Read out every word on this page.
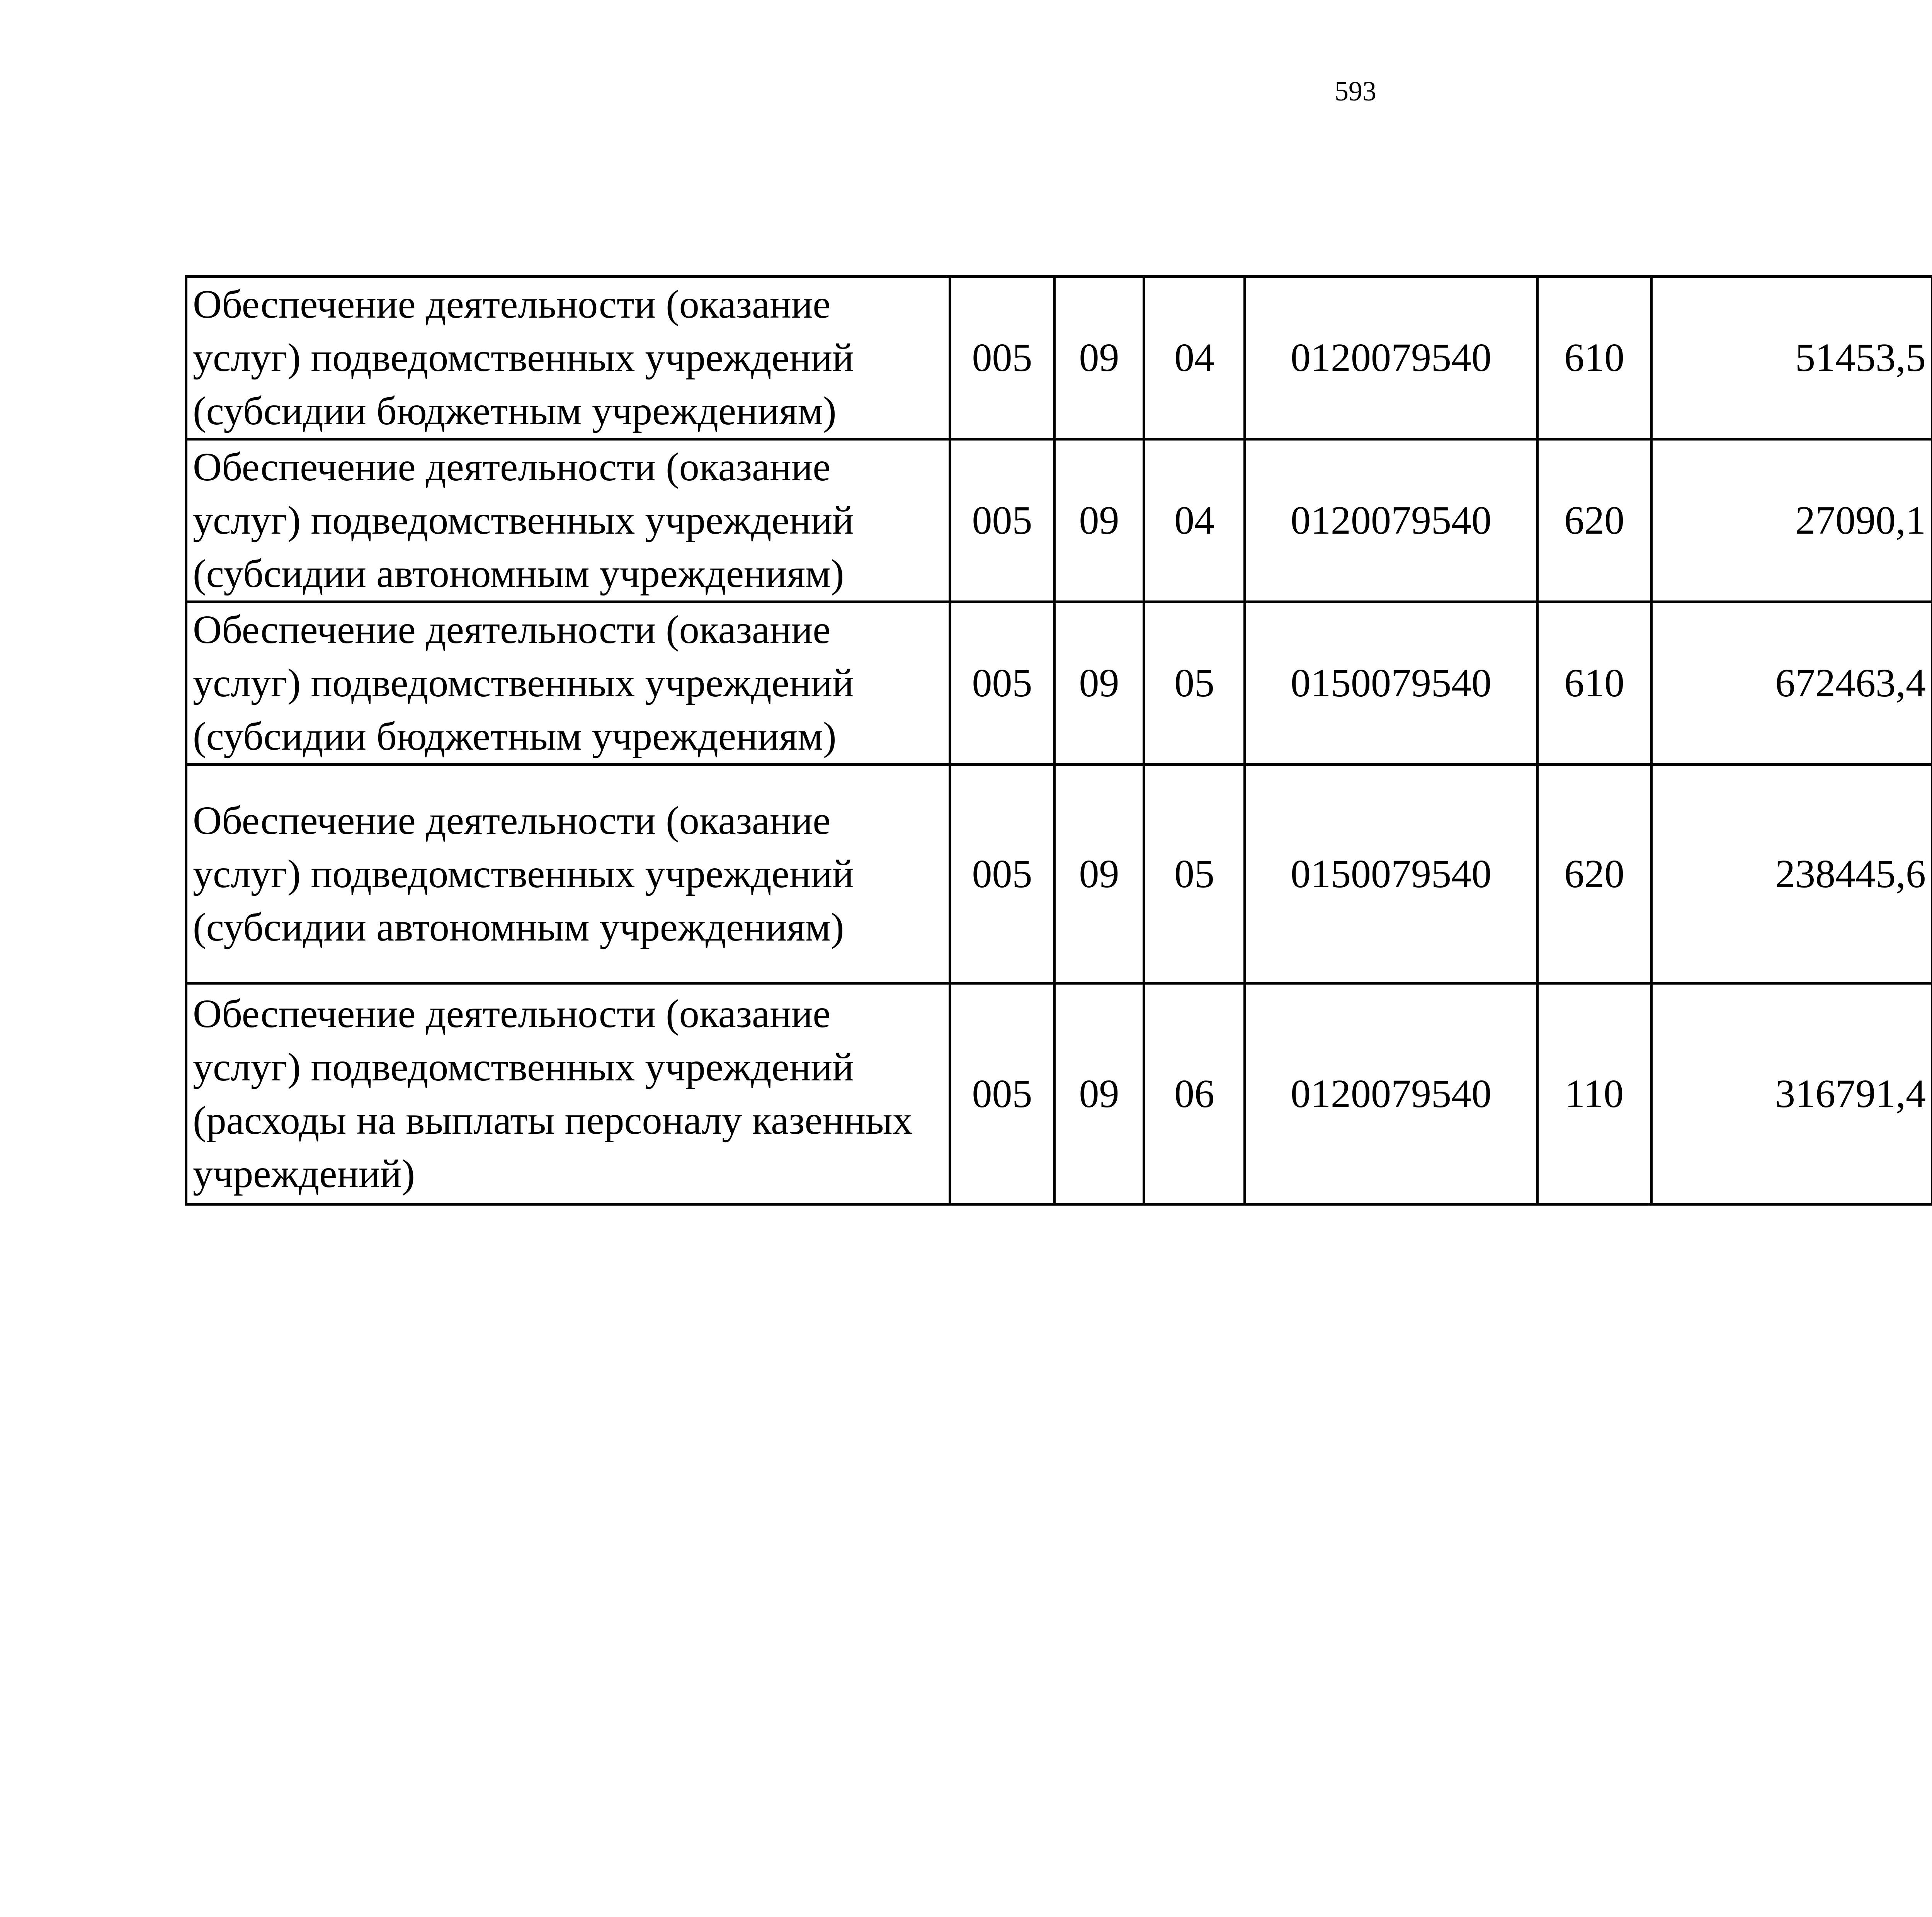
593
Обеспечение деятельности (оказание услуг) подведомственных учреждений (субсидии бюджетным учреждениям)	005	09	04	0120079540	610	51453,5		
Обеспечение деятельности (оказание услуг) подведомственных учреждений (субсидии автономным учреждениям)	005	09	04	0120079540	620	27090,1		
Обеспечение деятельности (оказание услуг) подведомственных учреждений (субсидии бюджетным учреждениям)	005	09	05	0150079540	610	672463,4		
Обеспечение деятельности (оказание услуг) подведомственных учреждений (субсидии автономным учреждениям)	005	09	05	0150079540	620	238445,6		
Обеспечение деятельности (оказание услуг) подведомственных учреждений (расходы на выплаты персоналу казенных учреждений)	005	09	06	0120079540	110	316791,4		
